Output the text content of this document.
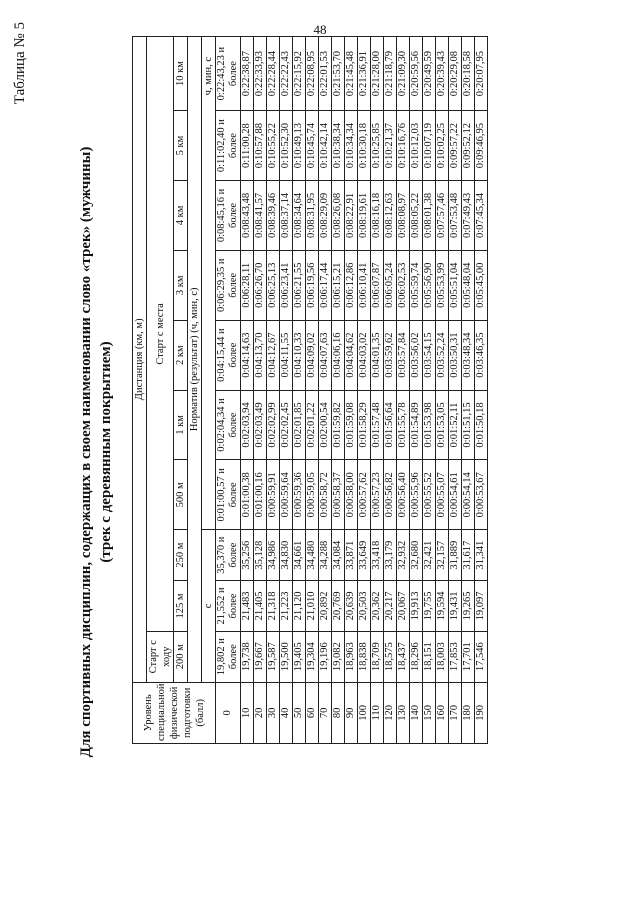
48
Таблица № 5
Для спортивных дисциплин, содержащих в своем наименовании слово «трек» (мужчины) (трек с деревянным покрытием)
Уровень специальной физической подготовки (балл)	Дистанция (км, м)									
	Старт с ходу	Старт с места								
	200 м	125 м	250 м	500 м	1 км	2 км	3 км	4 км	5 км	10 км
	Норматив (результат) (ч, мин, с)									
	с			ч, мин, с						
0	19,802 и более	21,552 и более	35,370 и более	0:01:00,57 и более	0:02:04,34 и более	0:04:15,44 и более	0:06:29,35 и более	0:08:45,16 и более	0:11:02,40 и более	0:22:43,23 и более
10	19,738	21,483	35,256	0:01:00,38	0:02:03,94	0:04:14,63	0:06:28,11	0:08:43,48	0:11:00,28	0:22:38,87
20	19,667	21,405	35,128	0:01:00,16	0:02:03,49	0:04:13,70	0:06:26,70	0:08:41,57	0:10:57,88	0:22:33,93
30	19,587	21,318	34,986	0:00:59,91	0:02:02,99	0:04:12,67	0:06:25,13	0:08:39,46	0:10:55,22	0:22:28,44
40	19,500	21,223	34,830	0:00:59,64	0:02:02,45	0:04:11,55	0:06:23,41	0:08:37,14	0:10:52,30	0:22:22,43
50	19,405	21,120	34,661	0:00:59,36	0:02:01,85	0:04:10,33	0:06:21,55	0:08:34,64	0:10:49,13	0:22:15,92
60	19,304	21,010	34,480	0:00:59,05	0:02:01,22	0:04:09,02	0:06:19,56	0:08:31,95	0:10:45,74	0:22:08,95
70	19,196	20,892	34,288	0:00:58,72	0:02:00,54	0:04:07,63	0:06:17,44	0:08:29,09	0:10:42,14	0:22:01,53
80	19,082	20,769	34,084	0:00:58,37	0:01:59,82	0:04:06,16	0:06:15,21	0:08:26,08	0:10:38,34	0:21:53,70
90	18,963	20,639	33,871	0:00:58,00	0:01:59,08	0:04:04,62	0:06:12,86	0:08:22,91	0:10:34,34	0:21:45,48
100	18,838	20,503	33,649	0:00:57,62	0:01:58,29	0:04:03,02	0:06:10,41	0:08:19,61	0:10:30,18	0:21:36,91
110	18,709	20,362	33,418	0:00:57,23	0:01:57,48	0:04:01,35	0:06:07,87	0:08:16,18	0:10:25,85	0:21:28,00
120	18,575	20,217	33,179	0:00:56,82	0:01:56,64	0:03:59,62	0:06:05,24	0:08:12,63	0:10:21,37	0:21:18,79
130	18,437	20,067	32,932	0:00:56,40	0:01:55,78	0:03:57,84	0:06:02,53	0:08:08,97	0:10:16,76	0:21:09,30
140	18,296	19,913	32,680	0:00:55,96	0:01:54,89	0:03:56,02	0:05:59,74	0:08:05,22	0:10:12,03	0:20:59,56
150	18,151	19,755	32,421	0:00:55,52	0:01:53,98	0:03:54,15	0:05:56,90	0:08:01,38	0:10:07,19	0:20:49,59
160	18,003	19,594	32,157	0:00:55,07	0:01:53,05	0:03:52,24	0:05:53,99	0:07:57,46	0:10:02,25	0:20:39,43
170	17,853	19,431	31,889	0:00:54,61	0:01:52,11	0:03:50,31	0:05:51,04	0:07:53,48	0:09:57,22	0:20:29,08
180	17,701	19,265	31,617	0:00:54,14	0:01:51,15	0:03:48,34	0:05:48,04	0:07:49,43	0:09:52,12	0:20:18,58
190	17,546	19,097	31,341	0:00:53,67	0:01:50,18	0:03:46,35	0:05:45,00	0:07:45,34	0:09:46,95	0:20:07,95
